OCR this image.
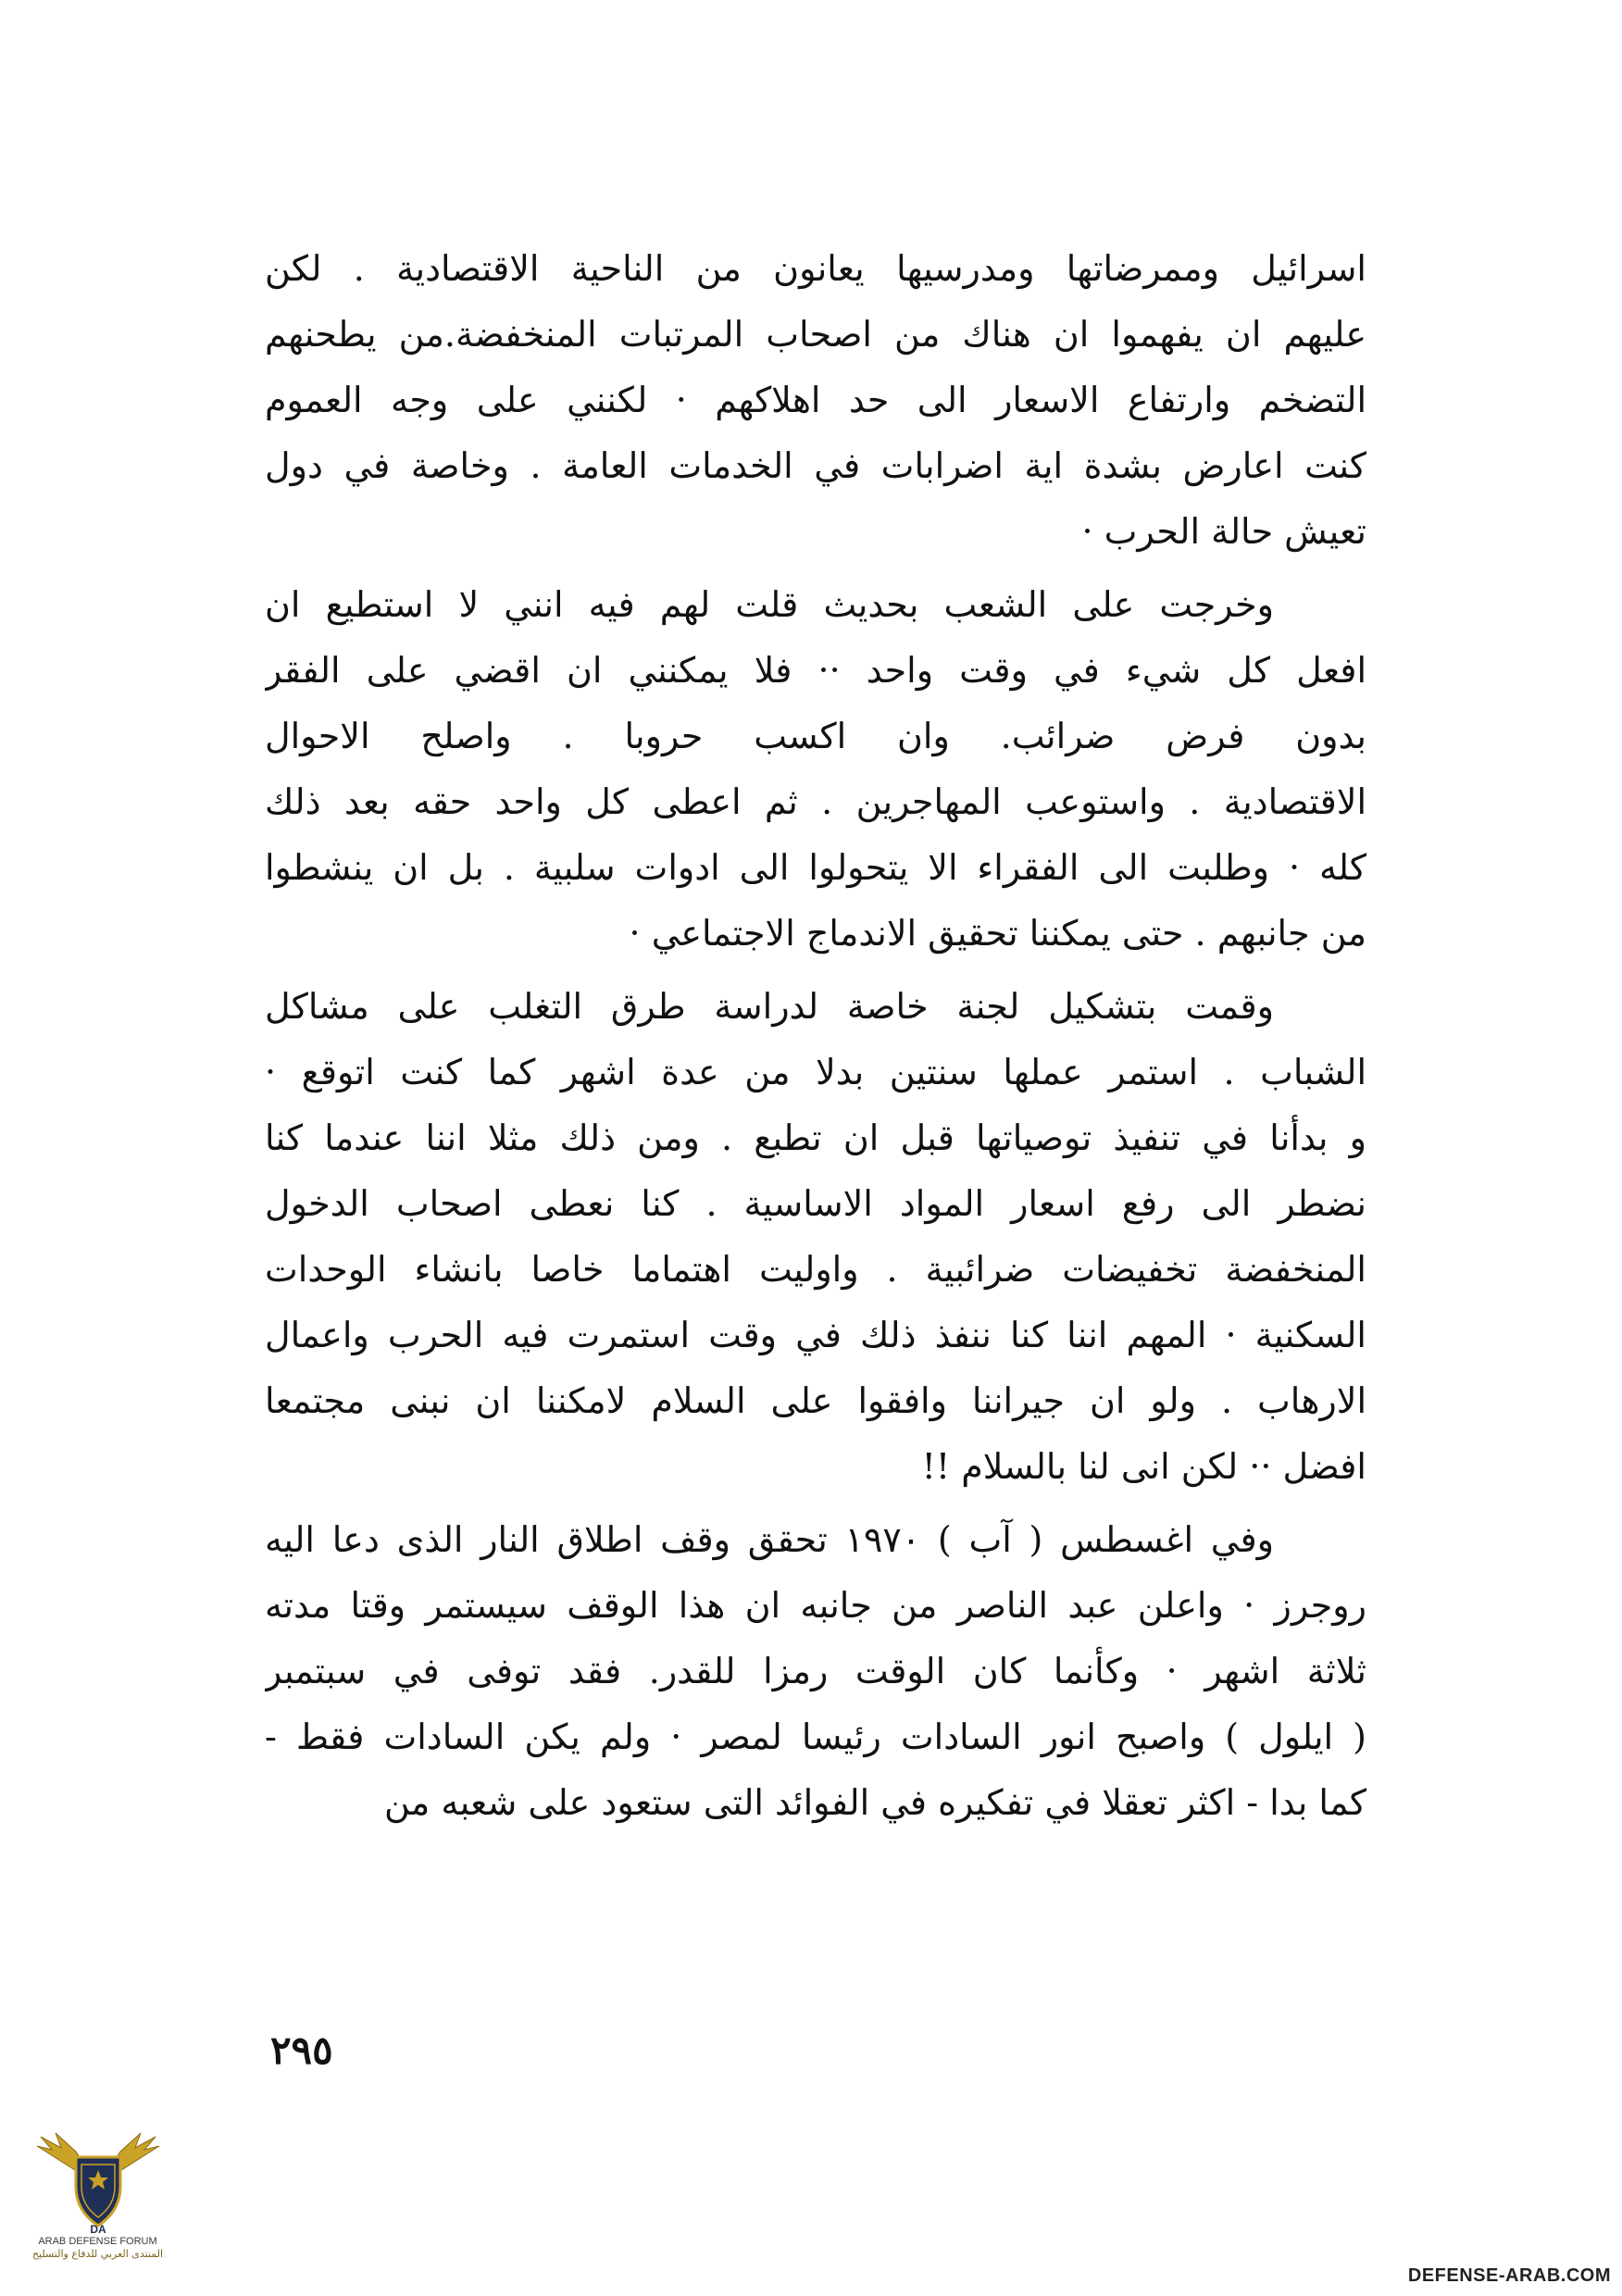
اسرائيل وممرضاتها ومدرسيها يعانون من الناحية الاقتصادية . لكن
عليهم ان يفهموا ان هناك من اصحاب المرتبات المنخفضة.من يطحنهم
التضخم وارتفاع الاسعار الى حد اهلاكهم · لكنني على وجه العموم
كنت اعارض بشدة اية اضرابات في الخدمات العامة . وخاصة في دول
تعيش حالة الحرب ·
وخرجت على الشعب بحديث قلت لهم فيه انني لا استطيع ان
افعل كل شيء في وقت واحد ·· فلا يمكنني ان اقضي على الفقر
بدون فرض ضرائب. وان اكسب حروبا . واصلح الاحوال
الاقتصادية . واستوعب المهاجرين . ثم اعطى كل واحد حقه بعد ذلك
كله · وطلبت الى الفقراء الا يتحولوا الى ادوات سلبية . بل ان ينشطوا
من جانبهم . حتى يمكننا تحقيق الاندماج الاجتماعي ·
وقمت بتشكيل لجنة خاصة لدراسة طرق التغلب على مشاكل
الشباب . استمر عملها سنتين بدلا من عدة اشهر كما كنت اتوقع ·
و بدأنا في تنفيذ توصياتها قبل ان تطبع . ومن ذلك مثلا اننا عندما كنا
نضطر الى رفع اسعار المواد الاساسية . كنا نعطى اصحاب الدخول
المنخفضة تخفيضات ضرائبية . واوليت اهتماما خاصا بانشاء الوحدات
السكنية · المهم اننا كنا ننفذ ذلك في وقت استمرت فيه الحرب واعمال
الارهاب . ولو ان جيراننا وافقوا على السلام لامكننا ان نبنى مجتمعا
افضل ·· لكن انى لنا بالسلام !!
وفي اغسطس ( آب ) ١٩٧٠ تحقق وقف اطلاق النار الذى دعا اليه
روجرز · واعلن عبد الناصر من جانبه ان هذا الوقف سيستمر وقتا مدته
ثلاثة اشهر · وكأنما كان الوقت رمزا للقدر. فقد توفى في سبتمبر
( ايلول ) واصبح انور السادات رئيسا لمصر · ولم يكن السادات فقط -
كما بدا - اكثر تعقلا في تفكيره في الفوائد التى ستعود على شعبه من
٢٩٥
DA
ARAB DEFENSE FORUM
المنتدى العربي للدفاع والتسليح
DEFENSE-ARAB.COM
